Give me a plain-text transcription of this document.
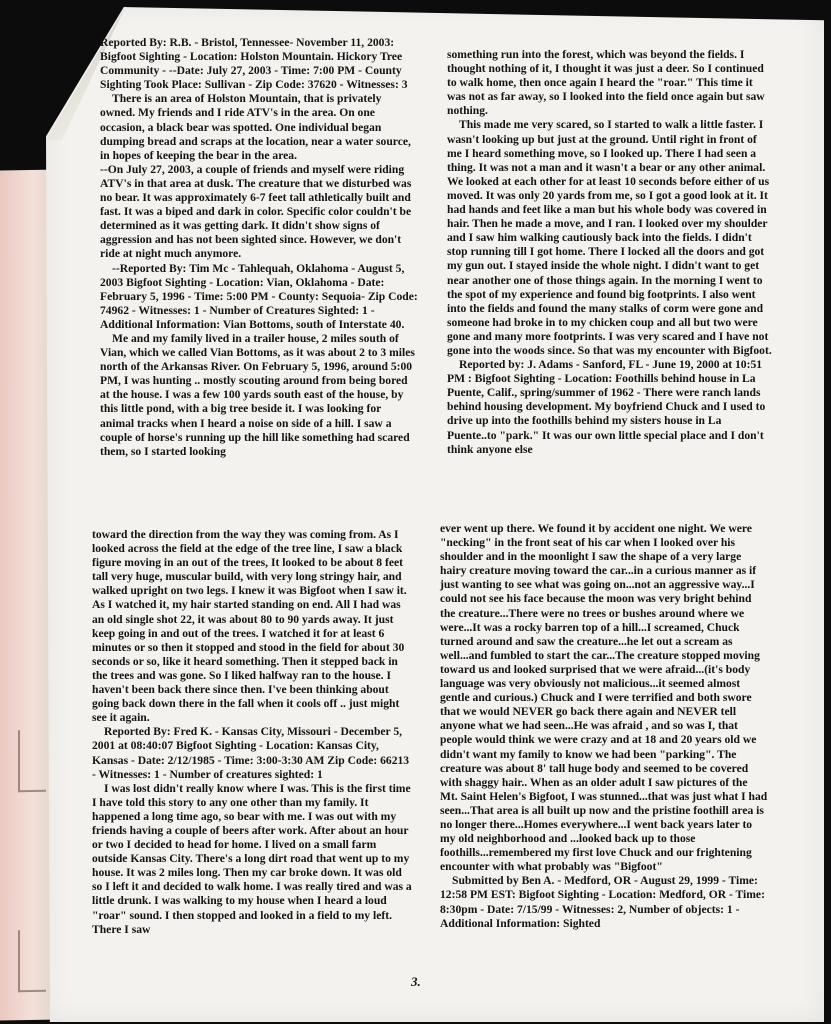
Reported By: R.B. - Bristol, Tennessee- November 11, 2003: Bigfoot Sighting - Location: Holston Mountain. Hickory Tree Community - --Date: July 27, 2003 - Time: 7:00 PM - County Sighting Took Place: Sullivan - Zip Code: 37620 - Witnesses: 3

There is an area of Holston Mountain, that is privately owned. My friends and I ride ATV's in the area. On one occasion, a black bear was spotted. One individual began dumping bread and scraps at the location, near a water source, in hopes of keeping the bear in the area.

--On July 27, 2003, a couple of friends and myself were riding ATV's in that area at dusk. The creature that we disturbed was no bear. It was approximately 6-7 feet tall athletically built and fast. It was a biped and dark in color. Specific color couldn't be determined as it was getting dark. It didn't show signs of aggression and has not been sighted since. However, we don't ride at night much anymore.

--Reported By: Tim Mc - Tahlequah, Oklahoma - August 5, 2003 Bigfoot Sighting - Location: Vian, Oklahoma - Date: February 5, 1996 - Time: 5:00 PM - County: Sequoia- Zip Code: 74962 - Witnesses: 1 - Number of Creatures Sighted: 1 - Additional Information: Vian Bottoms, south of Interstate 40.

Me and my family lived in a trailer house, 2 miles south of Vian, which we called Vian Bottoms, as it was about 2 to 3 miles north of the Arkansas River. On February 5, 1996, around 5:00 PM, I was hunting .. mostly scouting around from being bored at the house. I was a few 100 yards south east of the house, by this little pond, with a big tree beside it. I was looking for animal tracks when I heard a noise on side of a hill. I saw a couple of horse's running up the hill like something had scared them, so I started looking

something run into the forest, which was beyond the fields. I thought nothing of it, I thought it was just a deer. So I continued to walk home, then once again I heard the "roar." This time it was not as far away, so I looked into the field once again but saw nothing.

This made me very scared, so I started to walk a little faster. I wasn't looking up but just at the ground. Until right in front of me I heard something move, so I looked up. There I had seen a thing. It was not a man and it wasn't a bear or any other animal. We looked at each other for at least 10 seconds before either of us moved. It was only 20 yards from me, so I got a good look at it. It had hands and feet like a man but his whole body was covered in hair. Then he made a move, and I ran. I looked over my shoulder and I saw him walking cautiously back into the fields. I didn't stop running till I got home. There I locked all the doors and got my gun out. I stayed inside the whole night. I didn't want to get near another one of those things again. In the morning I went to the spot of my experience and found big footprints. I also went into the fields and found the many stalks of corm were gone and someone had broke in to my chicken coup and all but two were gone and many more footprints. I was very scared and I have not gone into the woods since. So that was my encounter with Bigfoot.

Reported by: J. Adams - Sanford, FL - June 19, 2000 at 10:51 PM : Bigfoot Sighting - Location: Foothills behind house in La Puente, Calif., spring/summer of 1962 - There were ranch lands behind housing development. My boyfriend Chuck and I used to drive up into the foothills behind my sisters house in La Puente..to "park." It was our own little special place and I don't think anyone else

toward the direction from the way they was coming from. As I looked across the field at the edge of the tree line, I saw a black figure moving in an out of the trees, It looked to be about 8 feet tall very huge, muscular build, with very long stringy hair, and walked upright on two legs. I knew it was Bigfoot when I saw it. As I watched it, my hair started standing on end. All I had was an old single shot 22, it was about 80 to 90 yards away. It just keep going in and out of the trees. I watched it for at least 6 minutes or so then it stopped and stood in the field for about 30 seconds or so, like it heard something. Then it stepped back in the trees and was gone. So I liked halfway ran to the house. I haven't been back there since then. I've been thinking about going back down there in the fall when it cools off .. just might see it again.

Reported By: Fred K. - Kansas City, Missouri - December 5, 2001 at 08:40:07 Bigfoot Sighting - Location: Kansas City, Kansas - Date: 2/12/1985 - Time: 3:00-3:30 AM Zip Code: 66213 - Witnesses: 1 - Number of creatures sighted: 1

I was lost didn't really know where I was. This is the first time I have told this story to any one other than my family. It happened a long time ago, so bear with me. I was out with my friends having a couple of beers after work. After about an hour or two I decided to head for home. I lived on a small farm outside Kansas City. There's a long dirt road that went up to my house. It was 2 miles long. Then my car broke down. It was old so I left it and decided to walk home. I was really tired and was a little drunk. I was walking to my house when I heard a loud "roar" sound. I then stopped and looked in a field to my left. There I saw

ever went up there. We found it by accident one night. We were "necking" in the front seat of his car when I looked over his shoulder and in the moonlight I saw the shape of a very large hairy creature moving toward the car...in a curious manner as if just wanting to see what was going on...not an aggressive way...I could not see his face because the moon was very bright behind the creature...There were no trees or bushes around where we were...It was a rocky barren top of a hill...I screamed, Chuck turned around and saw the creature...he let out a scream as well...and fumbled to start the car...The creature stopped moving toward us and looked surprised that we were afraid...(it's body language was very obviously not malicious...it seemed almost gentle and curious.) Chuck and I were terrified and both swore that we would NEVER go back there again and NEVER tell anyone what we had seen...He was afraid , and so was I, that people would think we were crazy and at 18 and 20 years old we didn't want my family to know we had been "parking". The creature was about 8' tall huge body and seemed to be covered with shaggy hair.. When as an older adult I saw pictures of the Mt. Saint Helen's Bigfoot, I was stunned...that was just what I had seen...That area is all built up now and the pristine foothill area is no longer there...Homes everywhere...I went back years later to my old neighborhood and ...looked back up to those foothills...remembered my first love Chuck and our frightening encounter with what probably was "Bigfoot"

Submitted by Ben A. - Medford, OR - August 29, 1999 - Time: 12:58 PM EST: Bigfoot Sighting - Location: Medford, OR - Time: 8:30pm - Date: 7/15/99 - Witnesses: 2, Number of objects: 1 - Additional Information: Sighted

3.
